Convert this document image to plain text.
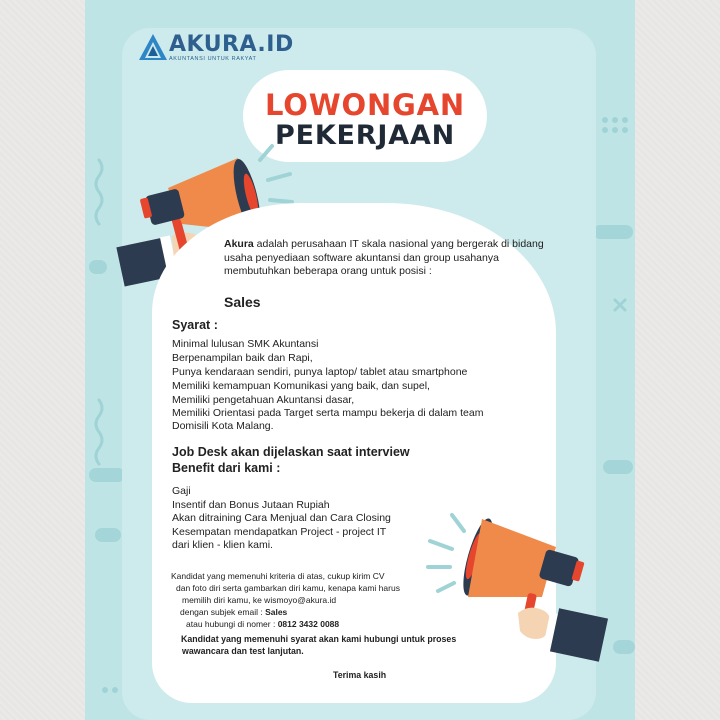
AKURA.ID
AKUNTANSI UNTUK RAKYAT
LOWONGAN
PEKERJAAN
Akura adalah perusahaan IT skala nasional yang bergerak di bidang usaha penyediaan software akuntansi dan group usahanya membutuhkan beberapa orang untuk posisi :
Sales
Syarat :
Minimal lulusan SMK Akuntansi
Berpenampilan baik dan Rapi,
Punya kendaraan sendiri, punya laptop/ tablet atau smartphone
Memiliki kemampuan Komunikasi yang baik, dan supel,
Memiliki pengetahuan Akuntansi dasar,
Memiliki Orientasi pada Target serta mampu bekerja di dalam team
Domisili Kota Malang.
Job Desk akan dijelaskan saat interview
Benefit dari kami :
Gaji
Insentif dan Bonus Jutaan Rupiah
Akan ditraining Cara Menjual dan Cara Closing
Kesempatan mendapatkan Project - project IT
dari klien - klien kami.
Kandidat yang memenuhi kriteria di atas, cukup kirim CV
dan foto diri serta gambarkan diri kamu, kenapa kami harus
memilih diri kamu, ke wismoyo@akura.id
dengan subjek email : Sales
atau hubungi di nomer : 0812 3432 0088
Kandidat yang memenuhi syarat akan kami hubungi untuk proses
wawancara dan test lanjutan.
Terima kasih
